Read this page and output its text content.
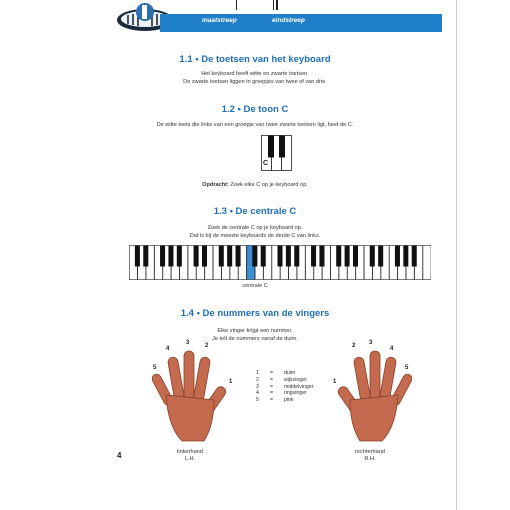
maatstreep	eindstreep
1.1 • De toetsen van het keyboard
Het keyboard heeft witte en zwarte toetsen.
De zwarte toetsen liggen in groepjes van twee of van drie.
1.2 • De toon C
De witte toets die links van een groepje van twee zwarte toetsen ligt, heet de C.
C
Opdracht: Zoek elke C op je keyboard op.
1.3 • De centrale C
Zoek de centrale C op je keyboard op.
Dat is bij de meeste keyboards de derde C van links.
centrale C
1.4 • De nummers van de vingers
Elke vinger krijgt een nummer.
Je telt de nummers vanaf de duim.
5
4
3	2
1
linkerhand
L.H.
1 = duim
2 = wijsvinger
3 = middelvinger
4 = ringvinger
5 = pink
1
2 3
4
5
rechterhand
R.H.
4
